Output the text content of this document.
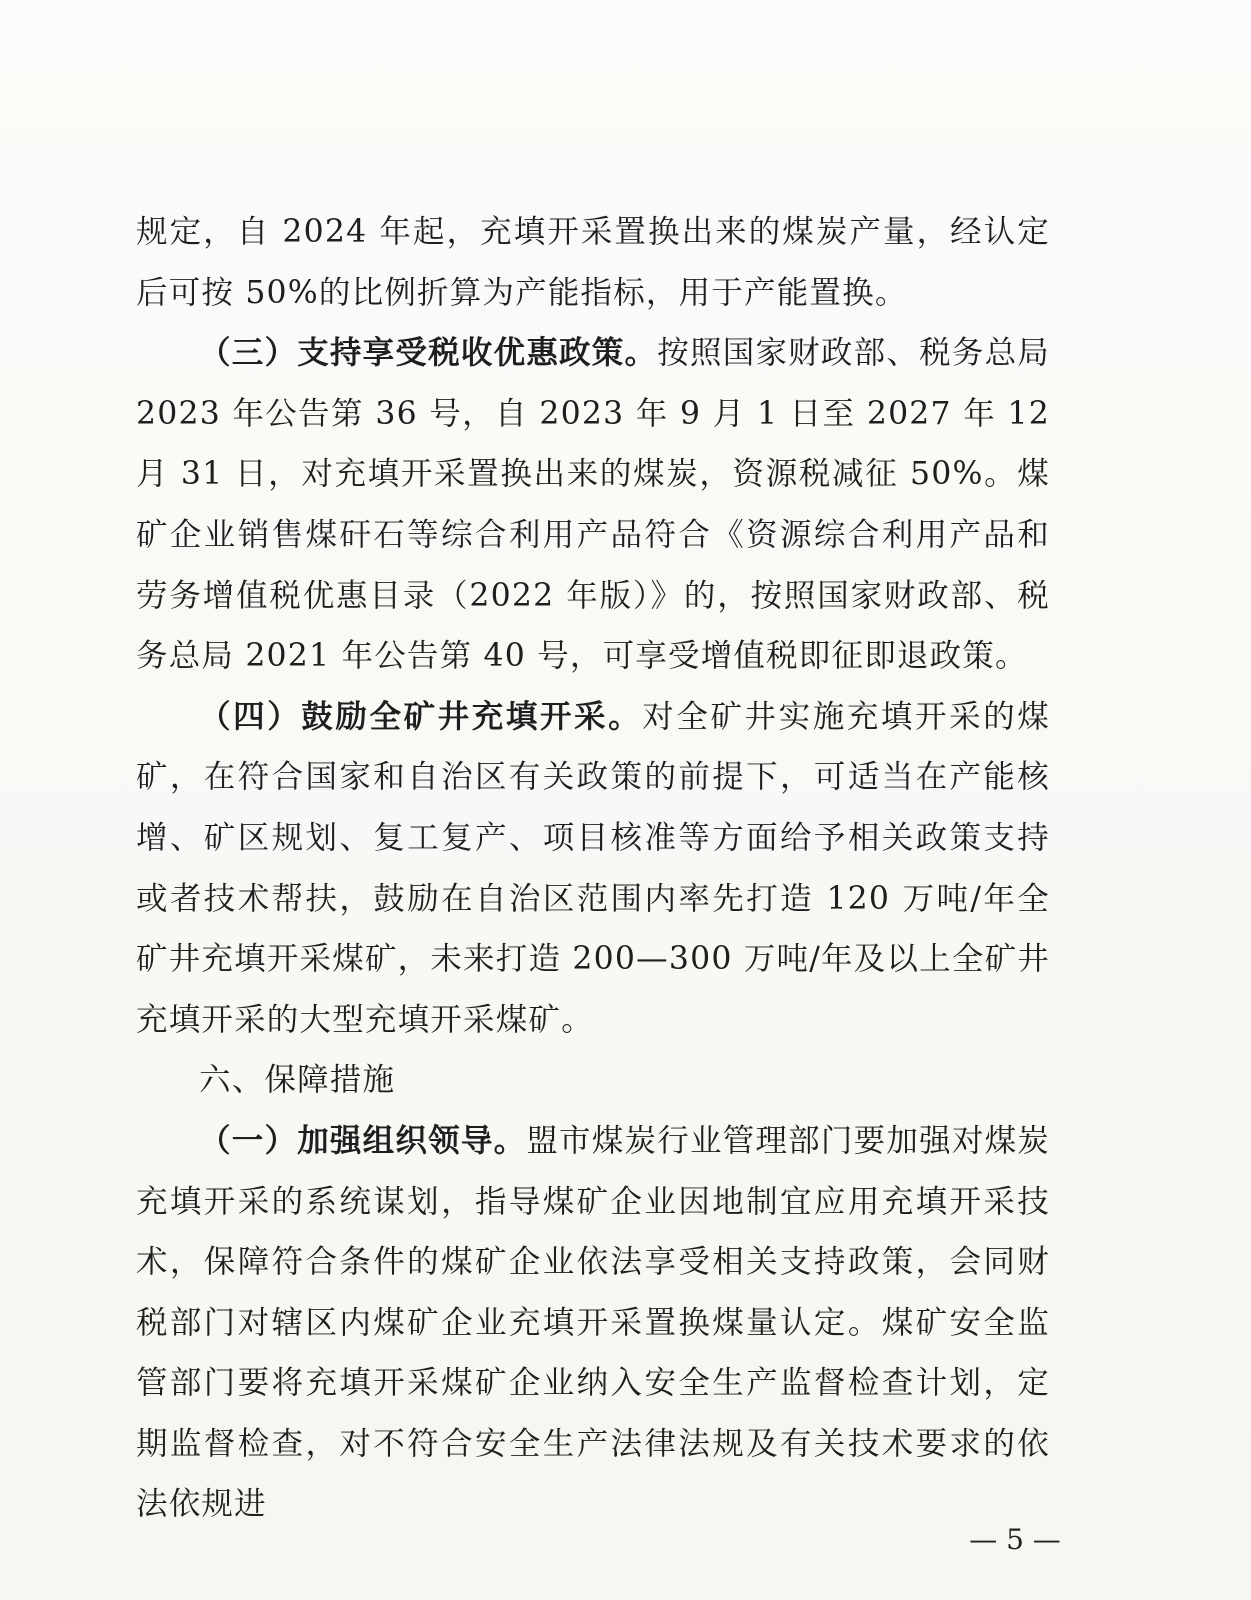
规定，自 2024 年起，充填开采置换出来的煤炭产量，经认定后可按 50%的比例折算为产能指标，用于产能置换。

（三）支持享受税收优惠政策。按照国家财政部、税务总局 2023 年公告第 36 号，自 2023 年 9 月 1 日至 2027 年 12 月 31 日，对充填开采置换出来的煤炭，资源税减征 50%。煤矿企业销售煤矸石等综合利用产品符合《资源综合利用产品和劳务增值税优惠目录（2022 年版）》的，按照国家财政部、税务总局 2021 年公告第 40 号，可享受增值税即征即退政策。

（四）鼓励全矿井充填开采。对全矿井实施充填开采的煤矿，在符合国家和自治区有关政策的前提下，可适当在产能核增、矿区规划、复工复产、项目核准等方面给予相关政策支持或者技术帮扶，鼓励在自治区范围内率先打造 120 万吨/年全矿井充填开采煤矿，未来打造 200—300 万吨/年及以上全矿井充填开采的大型充填开采煤矿。

六、保障措施

（一）加强组织领导。盟市煤炭行业管理部门要加强对煤炭充填开采的系统谋划，指导煤矿企业因地制宜应用充填开采技术，保障符合条件的煤矿企业依法享受相关支持政策，会同财税部门对辖区内煤矿企业充填开采置换煤量认定。煤矿安全监管部门要将充填开采煤矿企业纳入安全生产监督检查计划，定期监督检查，对不符合安全生产法律法规及有关技术要求的依法依规进

— 5 —
